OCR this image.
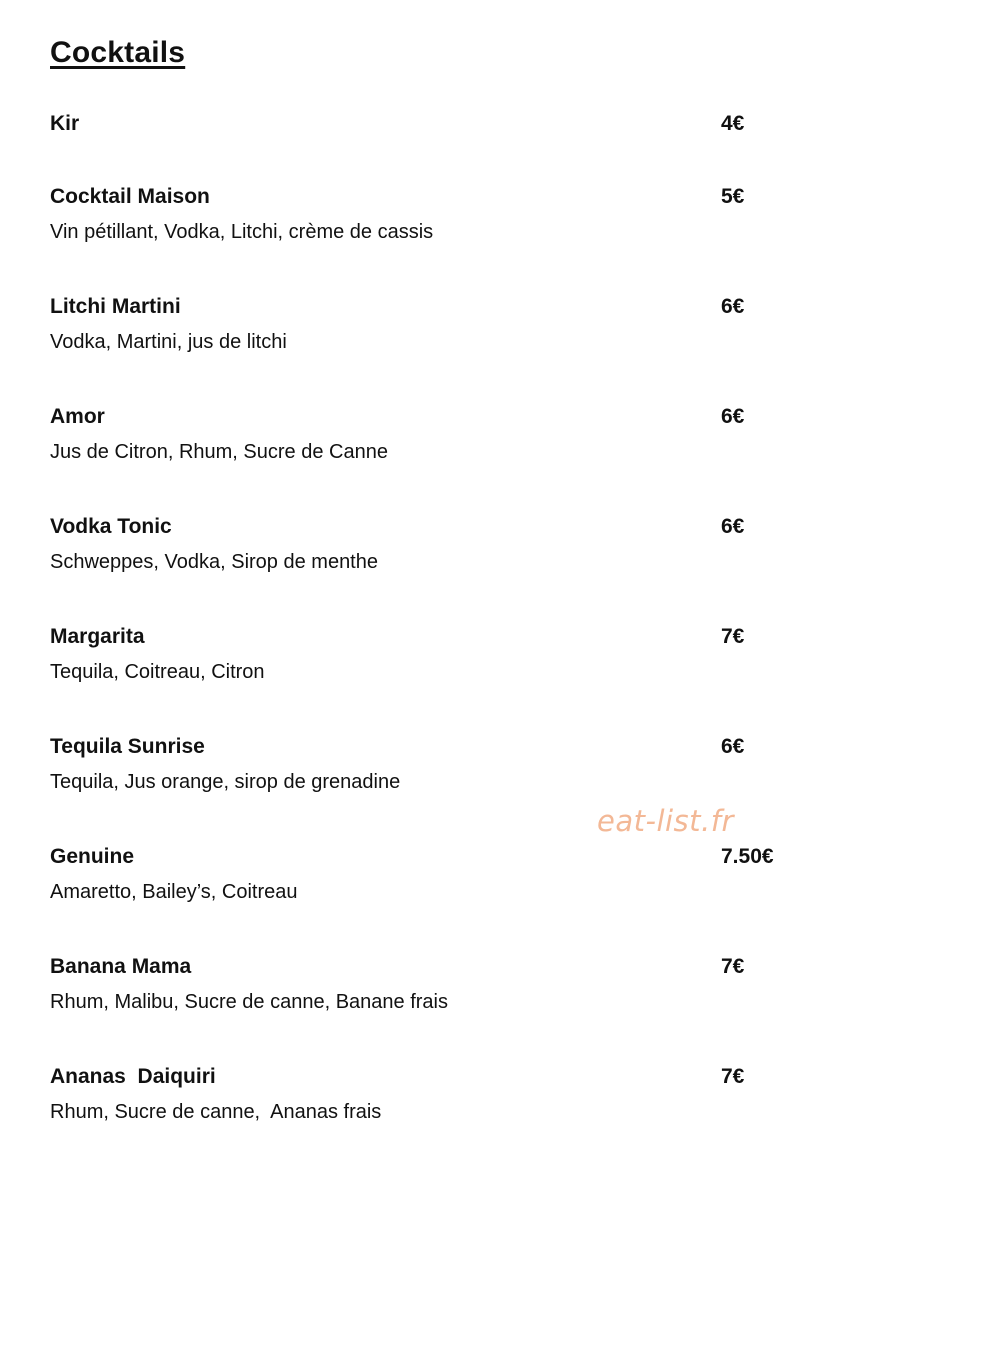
Cocktails
Kir	4€
Cocktail Maison	5€
Vin pétillant, Vodka, Litchi, crème de cassis
Litchi Martini	6€
Vodka, Martini, jus de litchi
Amor	6€
Jus de Citron, Rhum, Sucre de Canne
Vodka Tonic	6€
Schweppes, Vodka, Sirop de menthe
Margarita	7€
Tequila, Coitreau, Citron
Tequila Sunrise	6€
Tequila, Jus orange, sirop de grenadine
Genuine	7.50€
Amaretto, Bailey’s, Coitreau
Banana Mama	7€
Rhum, Malibu, Sucre de canne, Banane frais
Ananas  Daiquiri	7€
Rhum, Sucre de canne,  Ananas frais
eat-list.fr
